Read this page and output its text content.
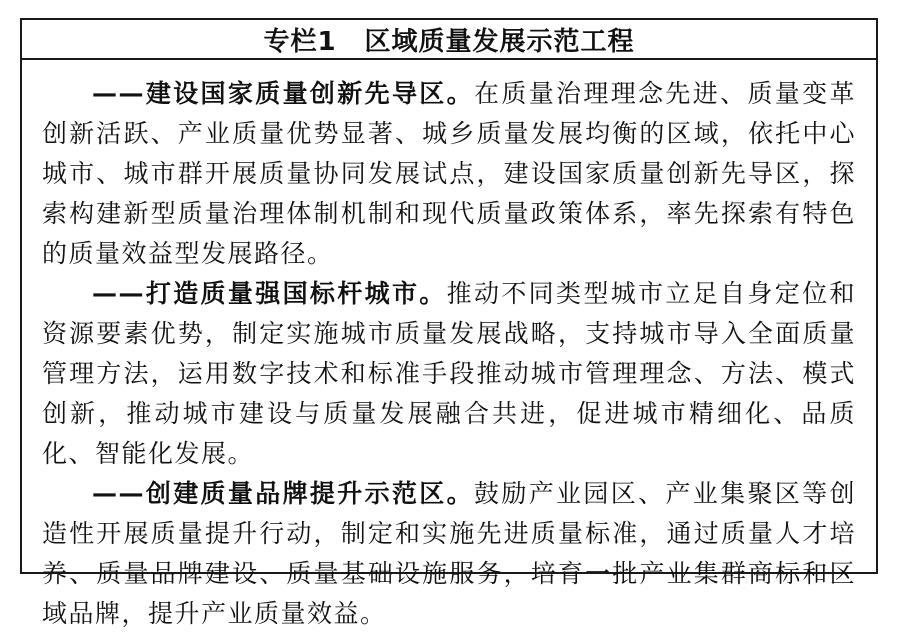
专栏1 区域质量发展示范工程

——建设国家质量创新先导区。在质量治理理念先进、质量变革创新活跃、产业质量优势显著、城乡质量发展均衡的区域，依托中心城市、城市群开展质量协同发展试点，建设国家质量创新先导区，探索构建新型质量治理体制机制和现代质量政策体系，率先探索有特色的质量效益型发展路径。

——打造质量强国标杆城市。推动不同类型城市立足自身定位和资源要素优势，制定实施城市质量发展战略，支持城市导入全面质量管理方法，运用数字技术和标准手段推动城市管理理念、方法、模式创新，推动城市建设与质量发展融合共进，促进城市精细化、品质化、智能化发展。

——创建质量品牌提升示范区。鼓励产业园区、产业集聚区等创造性开展质量提升行动，制定和实施先进质量标准，通过质量人才培养、质量品牌建设、质量基础设施服务，培育一批产业集群商标和区域品牌，提升产业质量效益。
